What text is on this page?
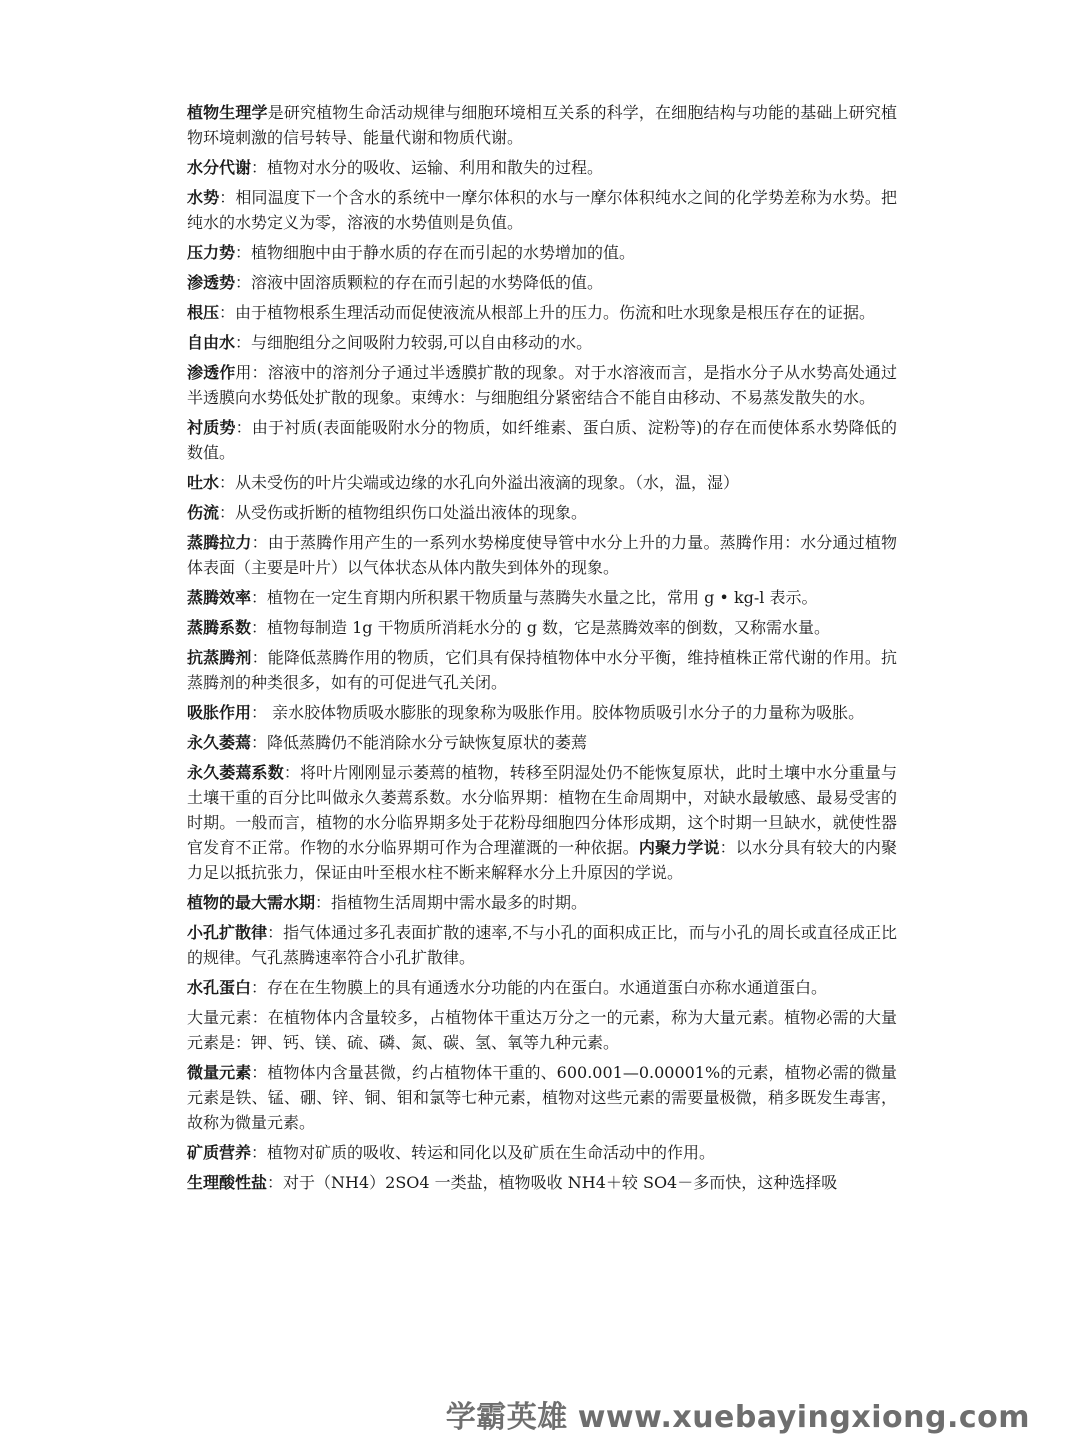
植物生理学是研究植物生命活动规律与细胞环境相互关系的科学，在细胞结构与功能的基础上研究植物环境刺激的信号转导、能量代谢和物质代谢。

水分代谢：植物对水分的吸收、运输、利用和散失的过程。

水势：相同温度下一个含水的系统中一摩尔体积的水与一摩尔体积纯水之间的化学势差称为水势。把纯水的水势定义为零，溶液的水势值则是负值。

压力势：植物细胞中由于静水质的存在而引起的水势增加的值。

渗透势：溶液中固溶质颗粒的存在而引起的水势降低的值。

根压：由于植物根系生理活动而促使液流从根部上升的压力。伤流和吐水现象是根压存在的证据。

自由水：与细胞组分之间吸附力较弱,可以自由移动的水。

渗透作用：溶液中的溶剂分子通过半透膜扩散的现象。对于水溶液而言，是指水分子从水势高处通过半透膜向水势低处扩散的现象。束缚水：与细胞组分紧密结合不能自由移动、不易蒸发散失的水。

衬质势：由于衬质(表面能吸附水分的物质，如纤维素、蛋白质、淀粉等)的存在而使体系水势降低的数值。

吐水：从未受伤的叶片尖端或边缘的水孔向外溢出液滴的现象。（水，温，湿）

伤流：从受伤或折断的植物组织伤口处溢出液体的现象。

蒸腾拉力：由于蒸腾作用产生的一系列水势梯度使导管中水分上升的力量。蒸腾作用：水分通过植物体表面（主要是叶片）以气体状态从体内散失到体外的现象。

蒸腾效率：植物在一定生育期内所积累干物质量与蒸腾失水量之比，常用 g • kg-l 表示。

蒸腾系数：植物每制造 1g 干物质所消耗水分的 g 数，它是蒸腾效率的倒数，又称需水量。

抗蒸腾剂：能降低蒸腾作用的物质，它们具有保持植物体中水分平衡，维持植株正常代谢的作用。抗蒸腾剂的种类很多，如有的可促进气孔关闭。

吸胀作用： 亲水胶体物质吸水膨胀的现象称为吸胀作用。胶体物质吸引水分子的力量称为吸胀。

永久萎蔫：降低蒸腾仍不能消除水分亏缺恢复原状的萎蔫

永久萎蔫系数：将叶片刚刚显示萎蔫的植物，转移至阴湿处仍不能恢复原状，此时土壤中水分重量与土壤干重的百分比叫做永久萎蔫系数。水分临界期：植物在生命周期中，对缺水最敏感、最易受害的时期。一般而言，植物的水分临界期多处于花粉母细胞四分体形成期，这个时期一旦缺水，就使性器官发育不正常。作物的水分临界期可作为合理灌溉的一种依据。内聚力学说：以水分具有较大的内聚力足以抵抗张力，保证由叶至根水柱不断来解释水分上升原因的学说。

植物的最大需水期：指植物生活周期中需水最多的时期。

小孔扩散律：指气体通过多孔表面扩散的速率,不与小孔的面积成正比，而与小孔的周长或直径成正比的规律。气孔蒸腾速率符合小孔扩散律。

水孔蛋白：存在在生物膜上的具有通透水分功能的内在蛋白。水通道蛋白亦称水通道蛋白。

大量元素：在植物体内含量较多，占植物体干重达万分之一的元素，称为大量元素。植物必需的大量元素是：钾、钙、镁、硫、磷、氮、碳、氢、氧等九种元素。

微量元素：植物体内含量甚微，约占植物体干重的、600.001—0.00001%的元素，植物必需的微量元素是铁、锰、硼、锌、铜、钼和氯等七种元素，植物对这些元素的需要量极微，稍多既发生毒害，故称为微量元素。

矿质营养：植物对矿质的吸收、转运和同化以及矿质在生命活动中的作用。

生理酸性盐：对于（NH4）2SO4 一类盐，植物吸收 NH4＋较 SO4－多而快，这种选择吸

学霸英雄 www.xuebayingxiong.com
